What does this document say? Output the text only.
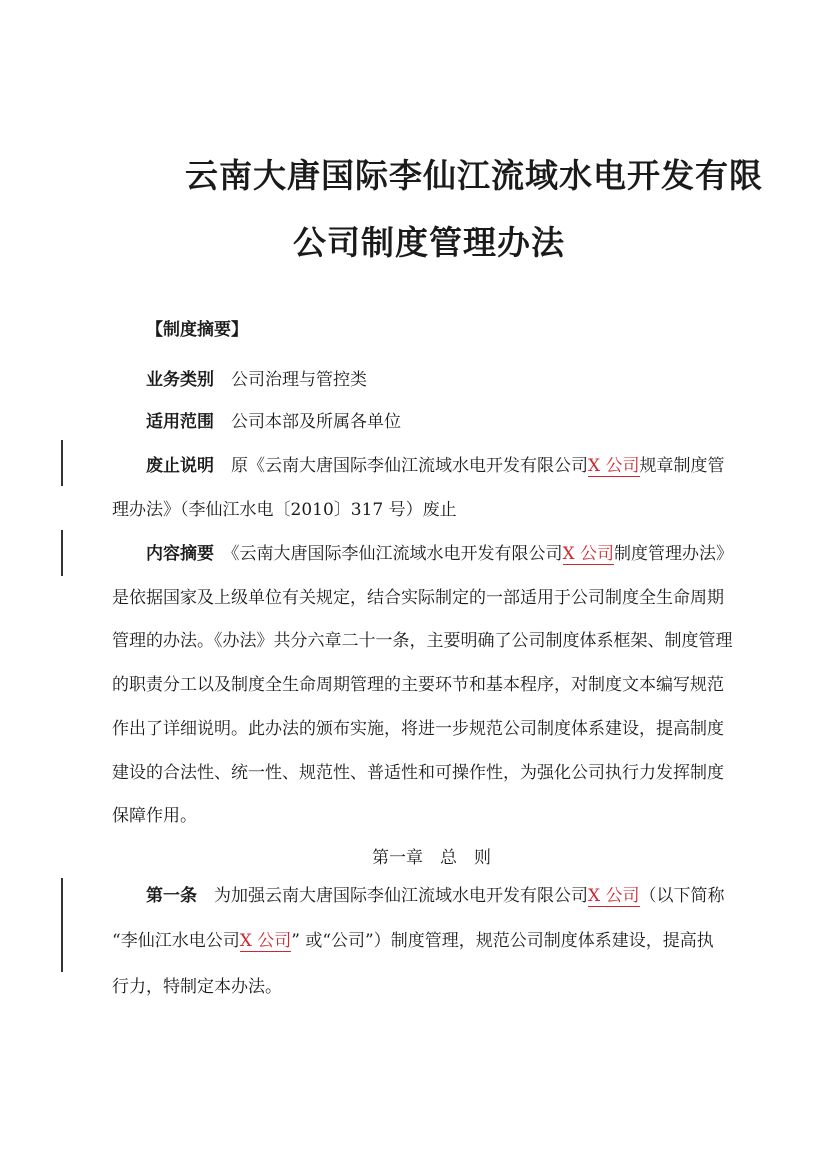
云南大唐国际李仙江流域水电开发有限
公司制度管理办法
【制度摘要】
业务类别　 公司治理与管控类
适用范围　 公司本部及所属各单位
废止说明　 原《云南大唐国际李仙江流域水电开发有限公司X 公司规章制度管
理办法》（李仙江水电〔2010〕317 号）废止
内容摘要　 《云南大唐国际李仙江流域水电开发有限公司X 公司制度管理办法》
是依据国家及上级单位有关规定，结合实际制定的一部适用于公司制度全生命周期
管理的办法。《办法》共分六章二十一条，主要明确了公司制度体系框架、制度管理
的职责分工以及制度全生命周期管理的主要环节和基本程序，对制度文本编写规范
作出了详细说明。此办法的颁布实施，将进一步规范公司制度体系建设，提高制度
建设的合法性、统一性、规范性、普适性和可操作性，为强化公司执行力发挥制度
保障作用。
第一章　总　则
第一条　 为加强云南大唐国际李仙江流域水电开发有限公司X 公司（以下简称
“李仙江水电公司X 公司” 或“公司”）制度管理，规范公司制度体系建设，提高执
行力，特制定本办法。
